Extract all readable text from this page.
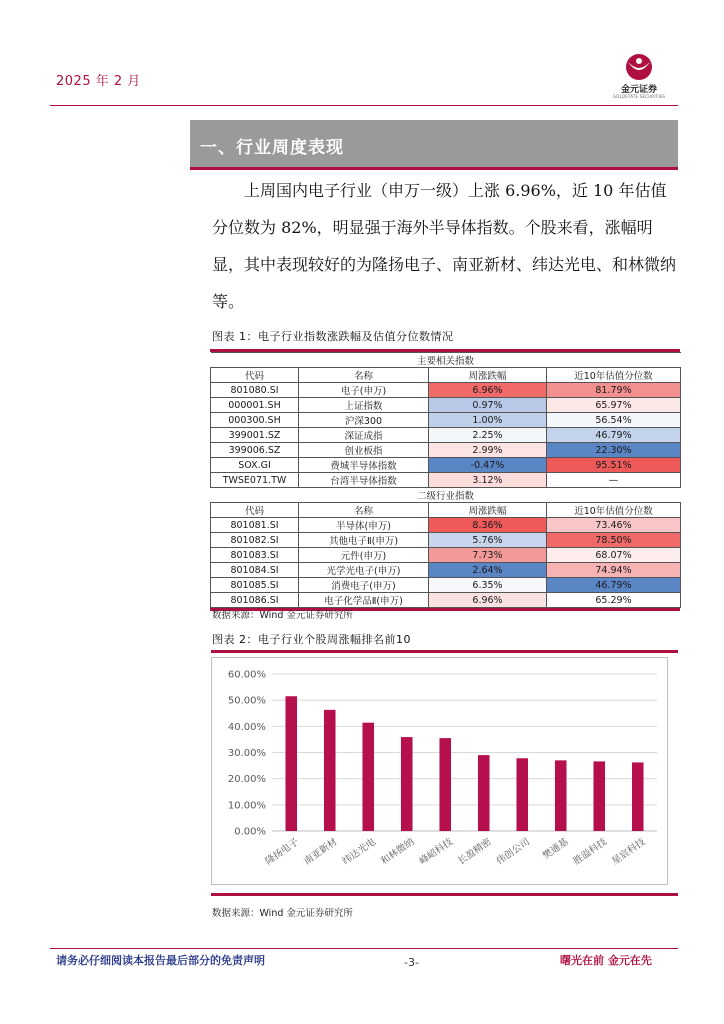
2025 年 2 月
金元证券
GOLDSTATE SECURITIES
一、行业周度表现
上周国内电子行业（申万一级）上涨 6.96%，近 10 年估值分位数为 82%，明显强于海外半导体指数。个股来看，涨幅明显，其中表现较好的为隆扬电子、南亚新材、纬达光电、和林微纳等。
图表 1：电子行业指数涨跌幅及估值分位数情况
主要相关指数			
代码	名称	周涨跌幅	近10年估值分位数
801080.SI	电子(申万)	6.96%	81.79%
000001.SH	上证指数	0.97%	65.97%
000300.SH	沪深300	1.00%	56.54%
399001.SZ	深证成指	2.25%	46.79%
399006.SZ	创业板指	2.99%	22.30%
SOX.GI	费城半导体指数	-0.47%	95.51%
TWSE071.TW	台湾半导体指数	3.12%	—
二级行业指数			
代码	名称	周涨跌幅	近10年估值分位数
801081.SI	半导体(申万)	8.36%	73.46%
801082.SI	其他电子Ⅱ(申万)	5.76%	78.50%
801083.SI	元件(申万)	7.73%	68.07%
801084.SI	光学光电子(申万)	2.64%	74.94%
801085.SI	消费电子(申万)	6.35%	46.79%
801086.SI	电子化学品Ⅱ(申万)	6.96%	65.29%
数据来源：Wind 金元证券研究所
图表 2：电子行业个股周涨幅排名前10
0.00%
10.00%
20.00%
30.00%
40.00%
50.00%
60.00%
隆扬电子 南亚新材 纬达光电 和林微纳 峰岹科技 长盈精密 伟创公司 樊通基 胜溢科技 星宸科技
数据来源：Wind 金元证券研究所
请务必仔细阅读本报告最后部分的免责声明	-3-	曙光在前 金元在先
